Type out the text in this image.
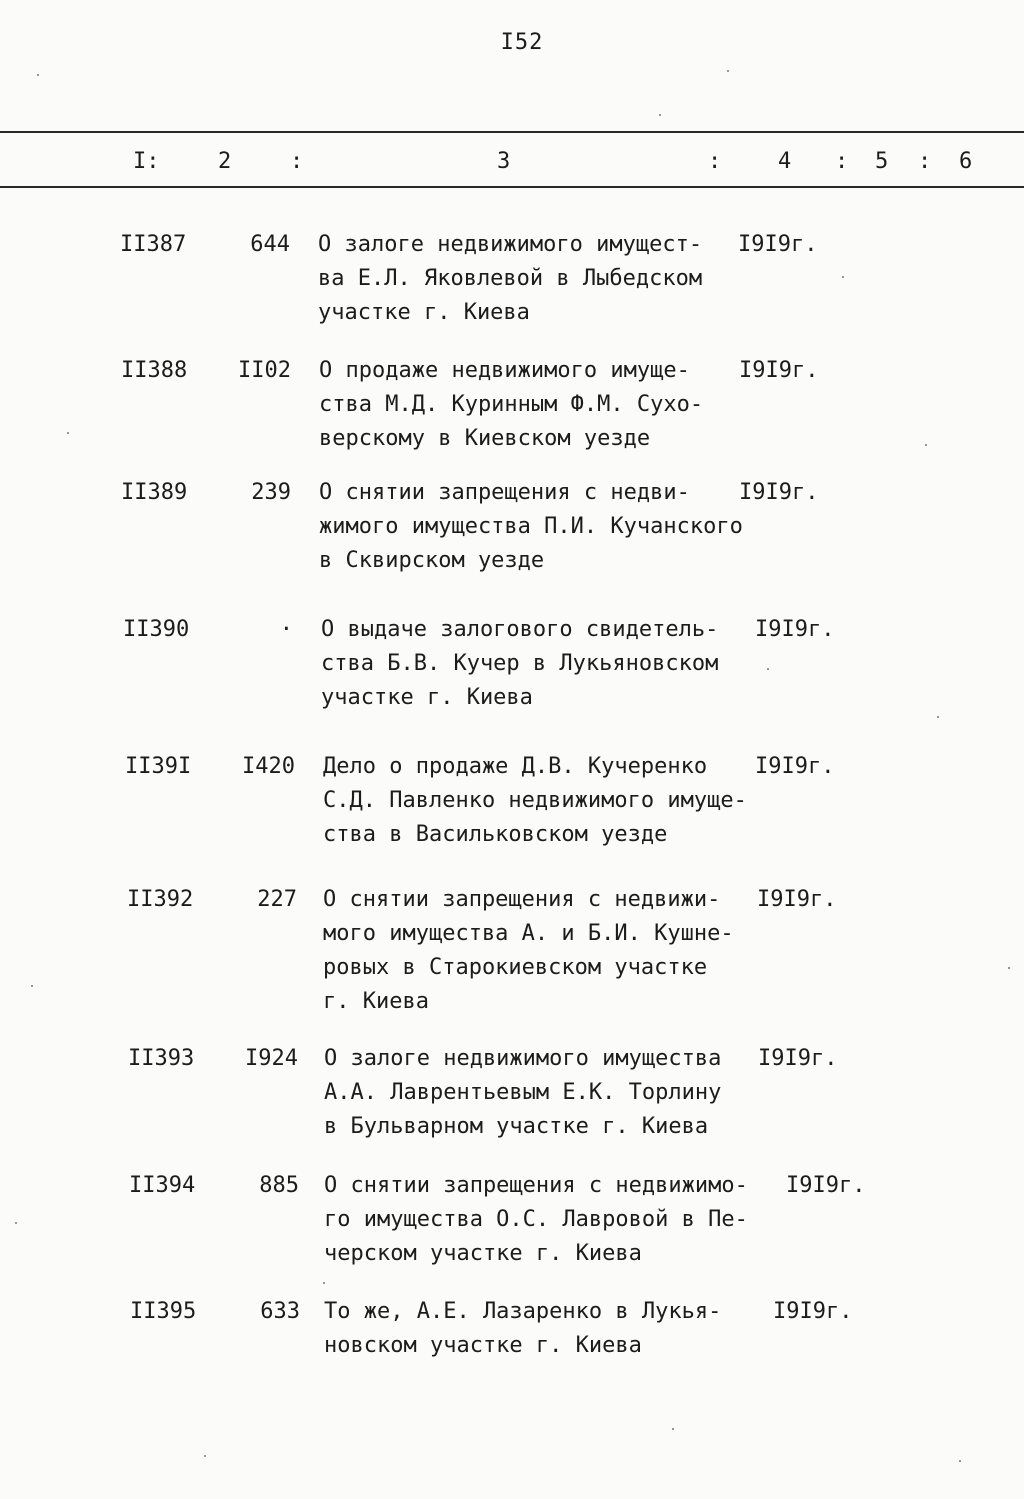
I52
I:	2	:	3	:	4 : 5 : 6
II387	644 О залоге недвижимого имущест-
ва Е.Л. Яковлевой в Лыбедском
участке г. Киева
I9I9г.
II388	II02 О продаже недвижимого имуще-
ства М.Д. Куринным Ф.М. Сухо-
верскому в Киевском уезде
I9I9г.
II389	239 О снятии запрещения с недви-
жимого имущества П.И. Кучанского
в Сквирском уезде
I9I9г.
II390	· О выдаче залогового свидетель-
ства Б.В. Кучер в Лукьяновском
участке г. Киева
I9I9г.
II39I	I420 Дело о продаже Д.В. Кучеренко
С.Д. Павленко недвижимого имуще-
ства в Васильковском уезде
I9I9г.
II392	227 О снятии запрещения с недвижи-
мого имущества А. и Б.И. Кушне-
ровых в Старокиевском участке
г. Киева
I9I9г.
II393	I924 О залоге недвижимого имущества
А.А. Лаврентьевым Е.К. Торлину
в Бульварном участке г. Киева
I9I9г.
II394	885 О снятии запрещения с недвижимо-
го имущества О.С. Лавровой в Пе-
черском участке г. Киева
I9I9г.
II395	633 То же, А.Е. Лазаренко в Лукья-
новском участке г. Киева
I9I9г.
